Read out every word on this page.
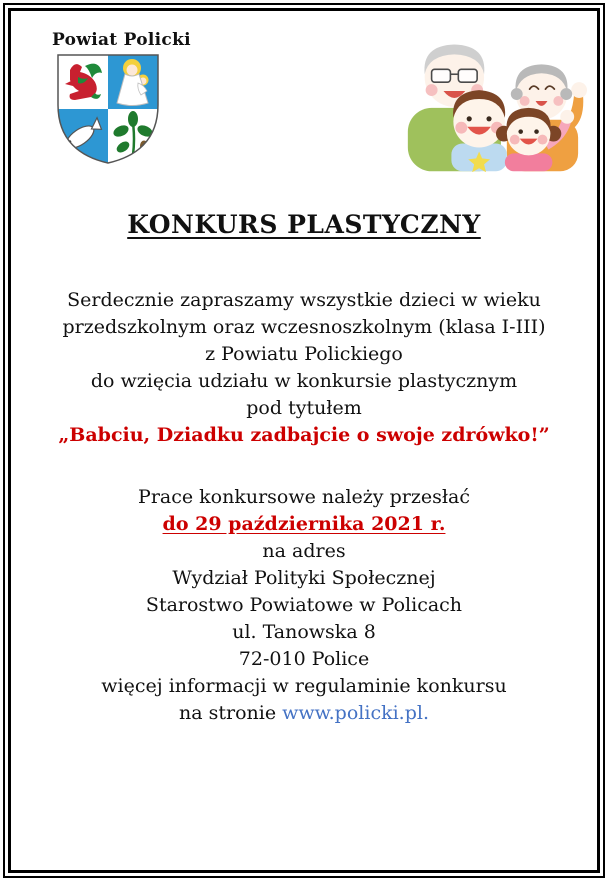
Powiat Policki
KONKURS PLASTYCZNY
Serdecznie zapraszamy wszystkie dzieci w wieku
przedszkolnym oraz wczesnoszkolnym (klasa I-III)
z Powiatu Polickiego
do wzięcia udziału w konkursie plastycznym
pod tytułem
„Babciu, Dziadku zadbajcie o swoje zdrówko!”
Prace konkursowe należy przesłać
do 29 października 2021 r.
na adres
Wydział Polityki Społecznej
Starostwo Powiatowe w Policach
ul. Tanowska 8
72-010 Police
więcej informacji w regulaminie konkursu
na stronie www.policki.pl.
